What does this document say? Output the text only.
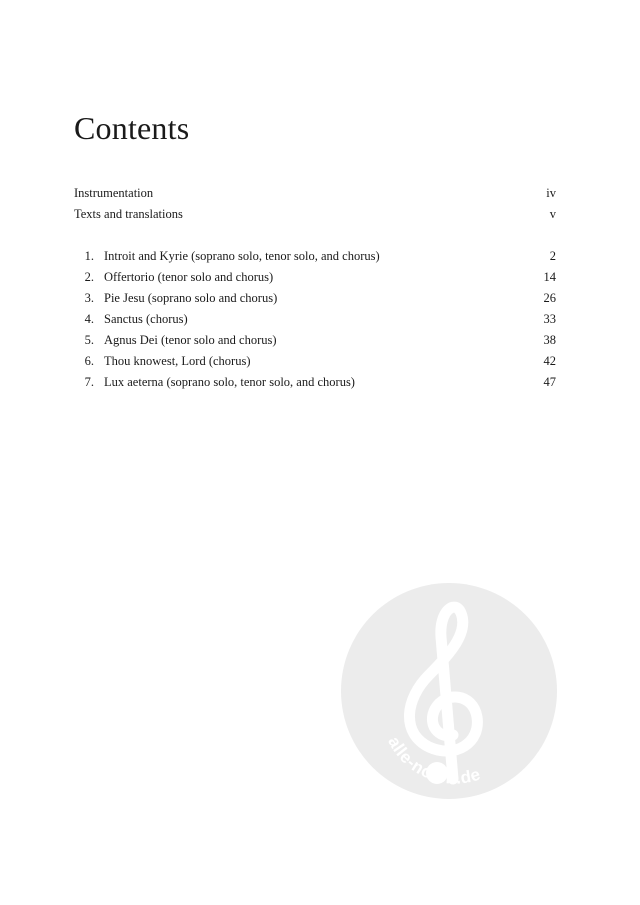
Contents
Instrumentation	iv
Texts and translations	v
1. Introit and Kyrie (soprano solo, tenor solo, and chorus)	2
2. Offertorio (tenor solo and chorus)	14
3. Pie Jesu (soprano solo and chorus)	26
4. Sanctus (chorus)	33
5. Agnus Dei (tenor solo and chorus)	38
6. Thou knowest, Lord (chorus)	42
7. Lux aeterna (soprano solo, tenor solo, and chorus)	47
alle-noten.de
